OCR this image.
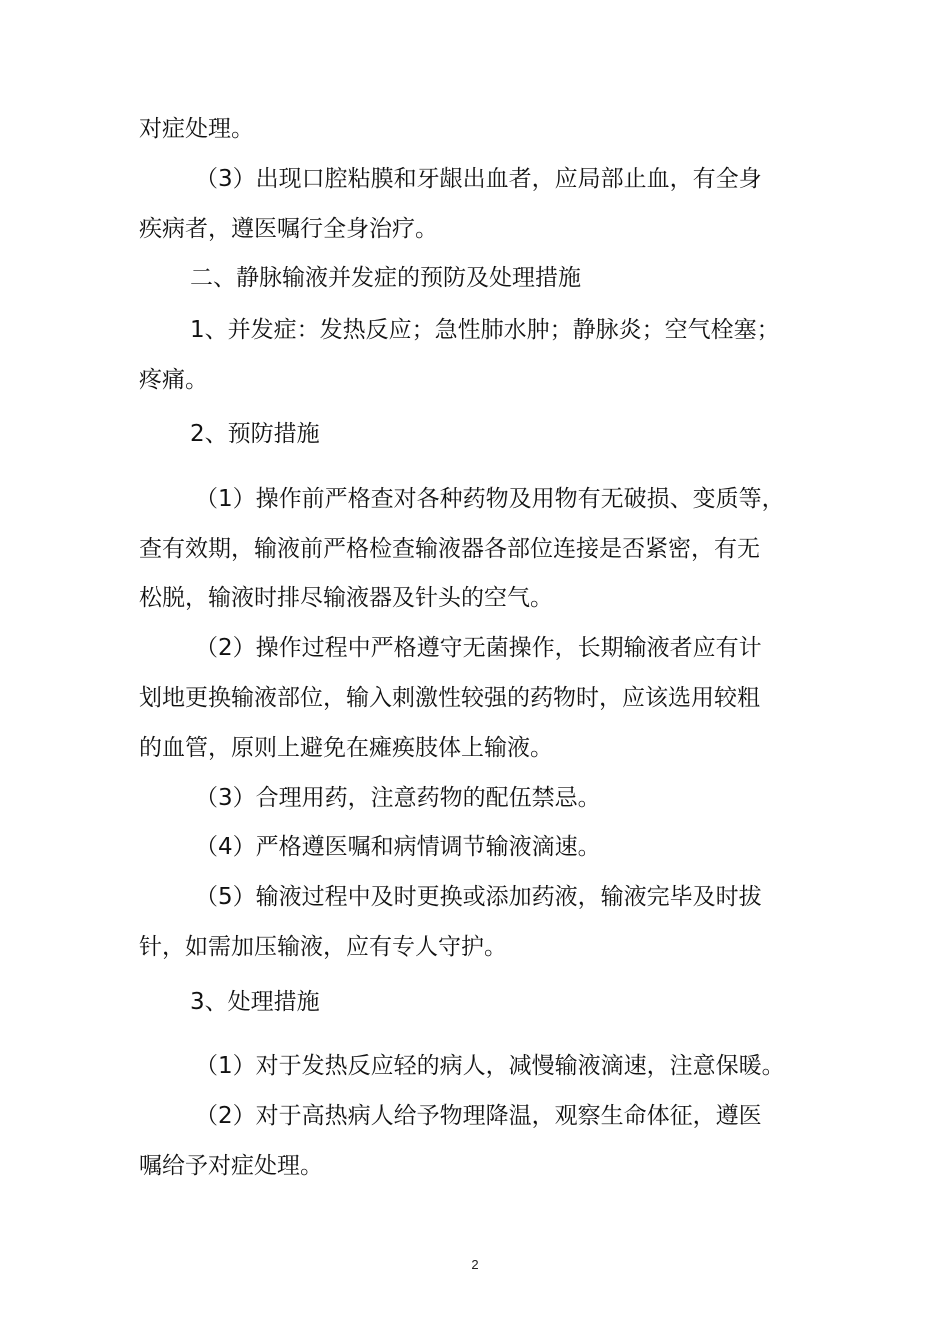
对症处理。
（3）出现口腔粘膜和牙龈出血者，应局部止血，有全身
疾病者，遵医嘱行全身治疗。
二、静脉输液并发症的预防及处理措施
1、并发症：发热反应；急性肺水肿；静脉炎；空气栓塞；
疼痛。
2、预防措施
（1）操作前严格查对各种药物及用物有无破损、变质等，
查有效期，输液前严格检查输液器各部位连接是否紧密，有无
松脱，输液时排尽输液器及针头的空气。
（2）操作过程中严格遵守无菌操作，长期输液者应有计
划地更换输液部位，输入刺激性较强的药物时，应该选用较粗
的血管，原则上避免在瘫痪肢体上输液。
（3）合理用药，注意药物的配伍禁忌。
（4）严格遵医嘱和病情调节输液滴速。
（5）输液过程中及时更换或添加药液，输液完毕及时拔
针，如需加压输液，应有专人守护。
3、处理措施
（1）对于发热反应轻的病人，减慢输液滴速，注意保暖。
（2）对于高热病人给予物理降温，观察生命体征，遵医
嘱给予对症处理。
2
